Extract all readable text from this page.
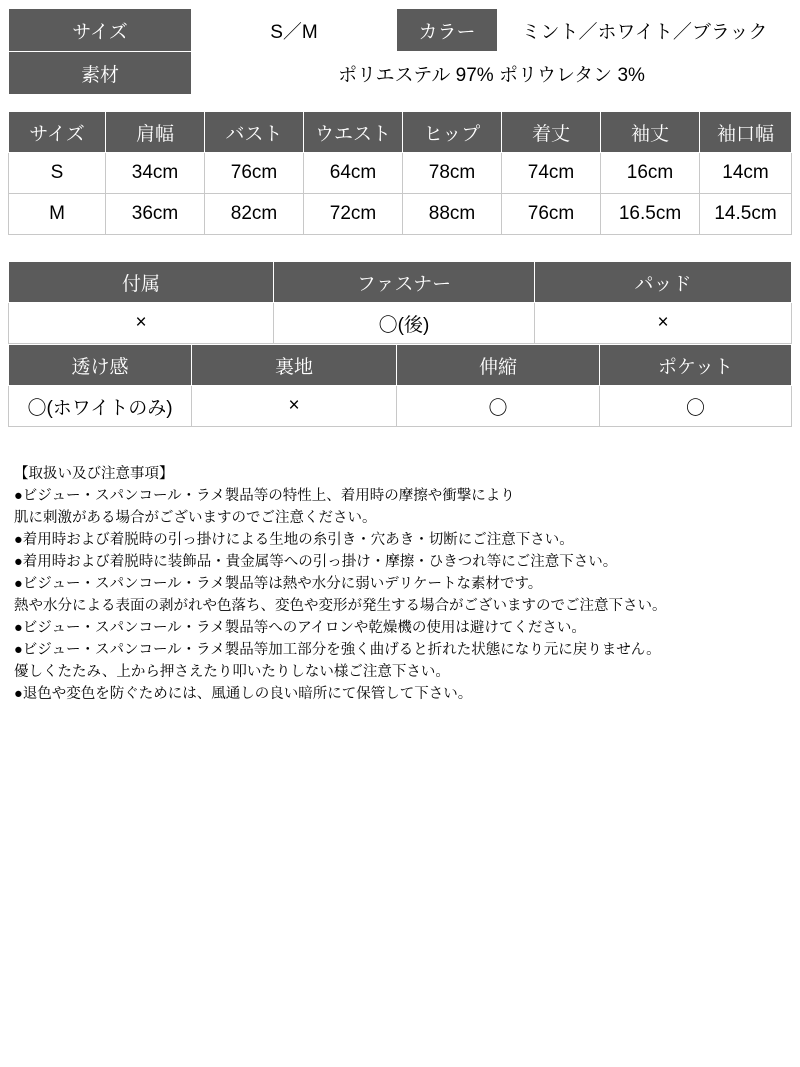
サイズ	S／M	カラー	ミント／ホワイト／ブラック
素材	ポリエステル 97% ポリウレタン 3%		
サイズ	肩幅	バスト	ウエスト	ヒップ	着丈	袖丈	袖口幅
S	34cm	76cm	64cm	78cm	74cm	16cm	14cm
M	36cm	82cm	72cm	88cm	76cm	16.5cm	14.5cm
付属	ファスナー	パッド
×	〇(後)	×
透け感	裏地	伸縮	ポケット
〇(ホワイトのみ)	×	〇	〇
【取扱い及び注意事項】
●ビジュー・スパンコール・ラメ製品等の特性上、着用時の摩擦や衝撃により
肌に刺激がある場合がございますのでご注意ください。
●着用時および着脱時の引っ掛けによる生地の糸引き・穴あき・切断にご注意下さい。
●着用時および着脱時に装飾品・貴金属等への引っ掛け・摩擦・ひきつれ等にご注意下さい。
●ビジュー・スパンコール・ラメ製品等は熱や水分に弱いデリケートな素材です。
熱や水分による表面の剥がれや色落ち、変色や変形が発生する場合がございますのでご注意下さい。
●ビジュー・スパンコール・ラメ製品等へのアイロンや乾燥機の使用は避けてください。
●ビジュー・スパンコール・ラメ製品等加工部分を強く曲げると折れた状態になり元に戻りません。
優しくたたみ、上から押さえたり叩いたりしない様ご注意下さい。
●退色や変色を防ぐためには、風通しの良い暗所にて保管して下さい。
